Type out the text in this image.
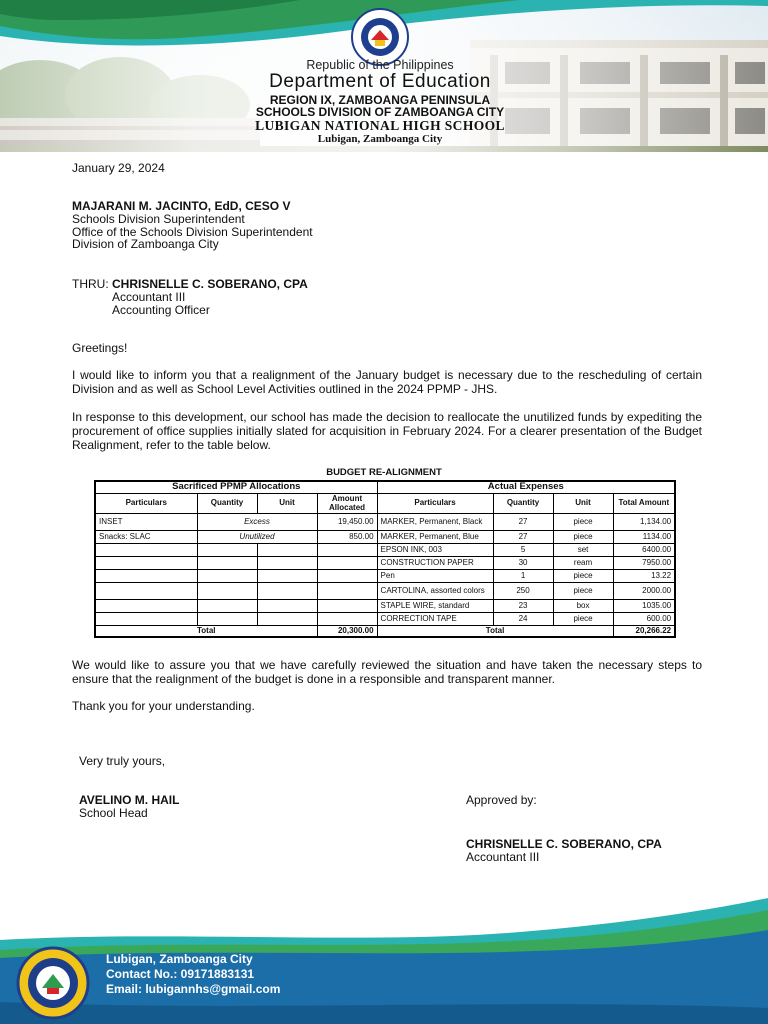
Republic of the Philippines
Department of Education
REGION IX, ZAMBOANGA PENINSULA
SCHOOLS DIVISION OF ZAMBOANGA CITY
LUBIGAN NATIONAL HIGH SCHOOL
Lubigan, Zamboanga City
January 29, 2024
MAJARANI M. JACINTO, EdD, CESO V
Schools Division Superintendent
Office of the Schools Division Superintendent
Division of Zamboanga City
THRU: CHRISNELLE C. SOBERANO, CPA
Accountant III
Accounting Officer
Greetings!
I would like to inform you that a realignment of the January budget is necessary due to the rescheduling of certain Division and as well as School Level Activities outlined in the 2024 PPMP - JHS.
In response to this development, our school has made the decision to reallocate the unutilized funds by expediting the procurement of office supplies initially slated for acquisition in February 2024. For a clearer presentation of the Budget Realignment, refer to the table below.
BUDGET RE-ALIGNMENT
Sacrificed PPMP Allocations				Actual Expenses			
Particulars	Quantity	Unit	Amount Allocated	Particulars	Quantity	Unit	Total Amount
INSET	Excess		19,450.00	MARKER, Permanent, Black	27	piece	1,134.00
Snacks: SLAC	Unutilized		850.00	MARKER, Permanent, Blue	27	piece	1134.00
				EPSON INK, 003	5	set	6400.00
				CONSTRUCTION PAPER	30	ream	7950.00
				Pen	1	piece	13.22
				CARTOLINA, assorted colors	250	piece	2000.00
				STAPLE WIRE, standard	23	box	1035.00
				CORRECTION TAPE	24	piece	600.00
Total			20,300.00	Total			20,266.22
We would like to assure you that we have carefully reviewed the situation and have taken the necessary steps to ensure that the realignment of the budget is done in a responsible and transparent manner.
Thank you for your understanding.
Very truly yours,
AVELINO M. HAIL
School Head
Approved by:
CHRISNELLE C. SOBERANO, CPA
Accountant III
Lubigan, Zamboanga City
Contact No.: 09171883131
Email: lubigannhs@gmail.com
